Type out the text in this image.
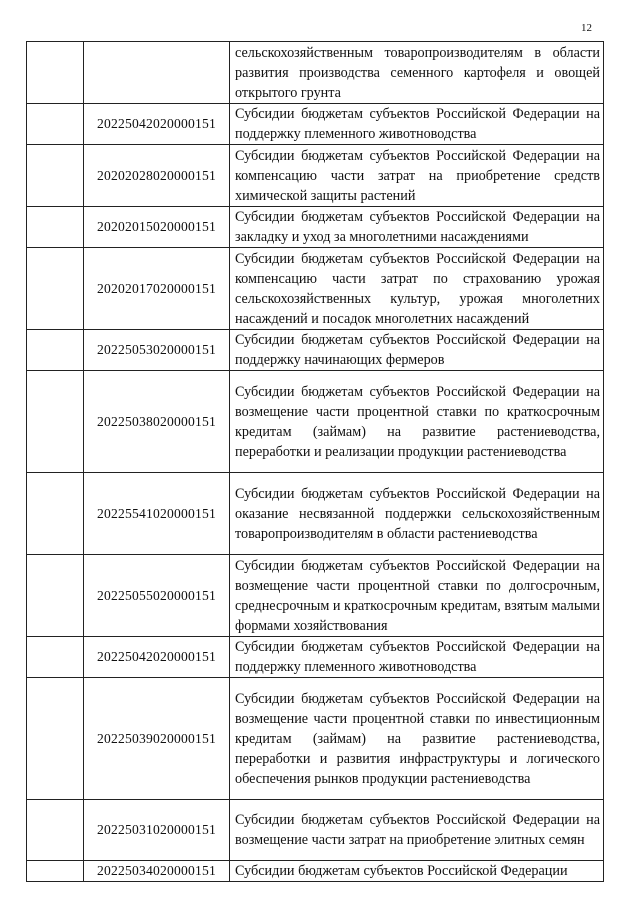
12
		сельскохозяйственным товаропроизводителям в области развития производства семенного картофеля и овощей открытого грунта
	20225042020000151	Субсидии бюджетам субъектов Российской Федерации на поддержку племенного животноводства
	20202028020000151	Субсидии бюджетам субъектов Российской Федерации на компенсацию части затрат на приобретение средств химической защиты растений
	20202015020000151	Субсидии бюджетам субъектов Российской Федерации на закладку и уход за многолетними насаждениями
	20202017020000151	Субсидии бюджетам субъектов Российской Федерации на компенсацию части затрат по страхованию урожая сельскохозяйственных культур, урожая многолетних насаждений и посадок многолетних насаждений
	20225053020000151	Субсидии бюджетам субъектов Российской Федерации на поддержку начинающих фермеров
	20225038020000151	Субсидии бюджетам субъектов Российской Федерации на возмещение части процентной ставки по краткосрочным кредитам (займам) на развитие растениеводства, переработки и реализации продукции растениеводства
	20225541020000151	Субсидии бюджетам субъектов Российской Федерации на оказание несвязанной поддержки сельскохозяйственным товаропроизводителям в области растениеводства
	20225055020000151	Субсидии бюджетам субъектов Российской Федерации на возмещение части процентной ставки по долгосрочным, среднесрочным и краткосрочным кредитам, взятым малыми формами хозяйствования
	20225042020000151	Субсидии бюджетам субъектов Российской Федерации на поддержку племенного животноводства
	20225039020000151	Субсидии бюджетам субъектов Российской Федерации на возмещение части процентной ставки по инвестиционным кредитам (займам) на развитие растениеводства, переработки и развития инфраструктуры и логического обеспечения рынков продукции растениеводства
	20225031020000151	Субсидии бюджетам субъектов Российской Федерации на возмещение части затрат на приобретение элитных семян
	20225034020000151	Субсидии бюджетам субъектов Российской Федерации
